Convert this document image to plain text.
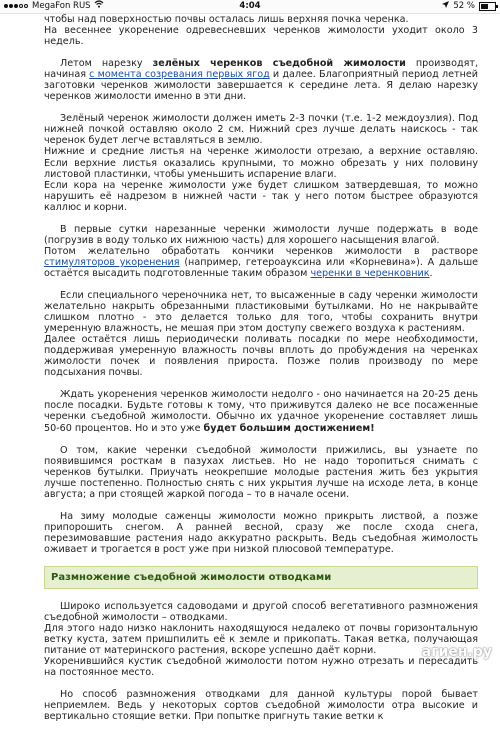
MegaFon RUS	4:04	52 %

чтобы над поверхностью почвы осталась лишь верхняя почка черенка.

На весеннее укоренение одревесневших черенков жимолости уходит около 3 недель.

Летом нарезку зелёных черенков съедобной жимолости производят, начиная с момента созревания первых ягод и далее. Благоприятный период летней заготовки черенков жимолости завершается к середине лета. Я делаю нарезку черенков жимолости именно в эти дни.

Зелёный черенок жимолости должен иметь 2-3 почки (т.е. 1-2 междоузлия). Под нижней почкой оставляю около 2 см. Нижний срез лучше делать наискось - так черенок будет легче вставляться в землю.

Нижние и средние листья на черенке жимолости отрезаю, а верхние оставляю. Если верхние листья оказались крупными, то можно обрезать у них половину листовой пластинки, чтобы уменьшить испарение влаги.

Если кора на черенке жимолости уже будет слишком затвердевшая, то можно нарушить её надрезом в нижней части - так у него потом быстрее образуются каллюс и корни.

В первые сутки нарезанные черенки жимолости лучше подержать в воде (погрузив в воду только их нижнюю часть) для хорошего насыщения влагой.

Потом желательно обработать кончики черенков жимолости в растворе стимуляторов укоренения (например, гетероауксина или «Корневина»). А дальше остаётся высадить подготовленные таким образом черенки в черенковник.

Если специального череночника нет, то высаженные в саду черенки жимолости желательно накрыть обрезанными пластиковыми бутылками. Но не накрывайте слишком плотно - это делается только для того, чтобы сохранить внутри умеренную влажность, не мешая при этом доступу свежего воздуха к растениям.

Далее остаётся лишь периодически поливать посадки по мере необходимости, поддерживая умеренную влажность почвы вплоть до пробуждения на черенках жимолости почек и появления прироста. Позже полив производу по мере подсыхания почвы.

Ждать укоренения черенков жимолости недолго - оно начинается на 20-25 день после посадки. Будьте готовы к тому, что приживутся далеко не все посаженные черенки съедобной жимолости. Обычно их удачное укоренение составляет лишь 50-60 процентов. Но и это уже будет большим достижением!

О том, какие черенки съедобной жимолости прижились, вы узнаете по появившимся росткам в пазухах листьев. Но не надо торопиться снимать с черенков бутылки. Приучать неокрепшие молодые растения жить без укрытия лучше постепенно. Полностью снять с них укрытия лучше на исходе лета, в конце августа; а при стоящей жаркой погода – то в начале осени.

На зиму молодые саженцы жимолости можно прикрыть листвой, а позже припорошить снегом. А ранней весной, сразу же после схода снега, перезимовавшие растения надо аккуратно раскрыть. Ведь съедобная жимолость оживает и трогается в рост уже при низкой плюсовой температуре.

Размножение съедобной жимолости отводками

Широко используется садоводами и другой способ вегетативного размножения съедобной жимолости – отводками.

Для этого надо низко наклонить находящуюся недалеко от почвы горизонтальную ветку куста, затем пришпилить её к земле и прикопать. Такая ветка, получающая питание от материнского растения, вскоре успешно даёт корни.

Укоренившийся кустик съедобной жимолости потом нужно отрезать и пересадить на постоянное место.

Но способ размножения отводками для данной культуры порой бывает неприемлем. Ведь у некоторых сортов съедобной жимолости отра высокие и вертикально стоящие ветки. При попытке пригнуть такие ветки к

агиен.ру
